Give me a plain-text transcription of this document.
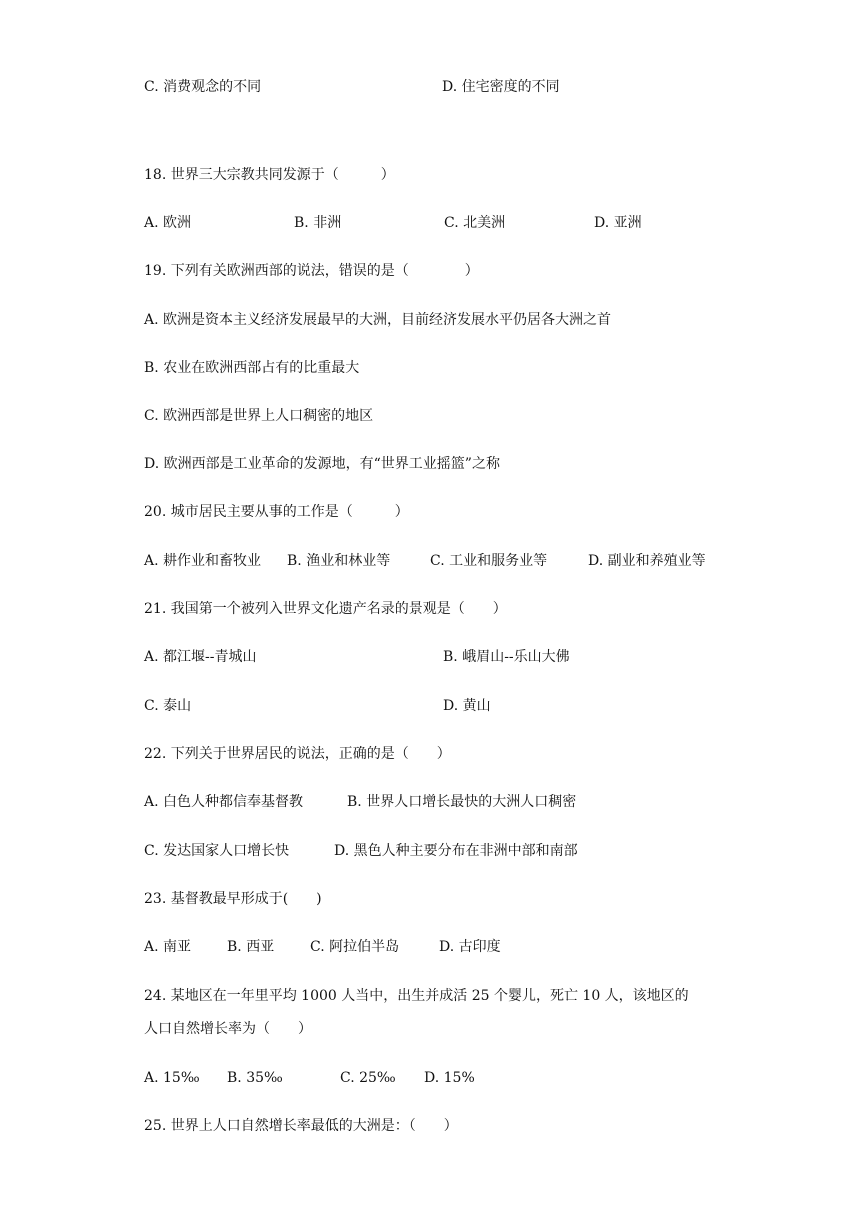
C. 消费观念的不同	D. 住宅密度的不同
18. 世界三大宗教共同发源于（　　　）
A. 欧洲	B. 非洲	C. 北美洲	D. 亚洲
19. 下列有关欧洲西部的说法，错误的是（　　　　）
A. 欧洲是资本主义经济发展最早的大洲，目前经济发展水平仍居各大洲之首
B. 农业在欧洲西部占有的比重最大
C. 欧洲西部是世界上人口稠密的地区
D. 欧洲西部是工业革命的发源地，有“世界工业摇篮”之称
20. 城市居民主要从事的工作是（　　　）
A. 耕作业和畜牧业 B. 渔业和林业等	C. 工业和服务业等	D. 副业和养殖业等
21. 我国第一个被列入世界文化遗产名录的景观是（　　）
A. 都江堰--青城山	B. 峨眉山--乐山大佛
C. 泰山	D. 黄山
22. 下列关于世界居民的说法，正确的是（　　）
A. 白色人种都信奉基督教	B. 世界人口增长最快的大洲人口稠密
C. 发达国家人口增长快	D. 黑色人种主要分布在非洲中部和南部
23. 基督教最早形成于(　　)
A. 南亚	B. 西亚	C. 阿拉伯半岛	D. 古印度
24. 某地区在一年里平均 1000 人当中，出生并成活 25 个婴儿，死亡 10 人，该地区的
人口自然增长率为（　　）
A. 15‰ B. 35‰	C. 25‰ D. 15%
25. 世界上人口自然增长率最低的大洲是：（　　）
